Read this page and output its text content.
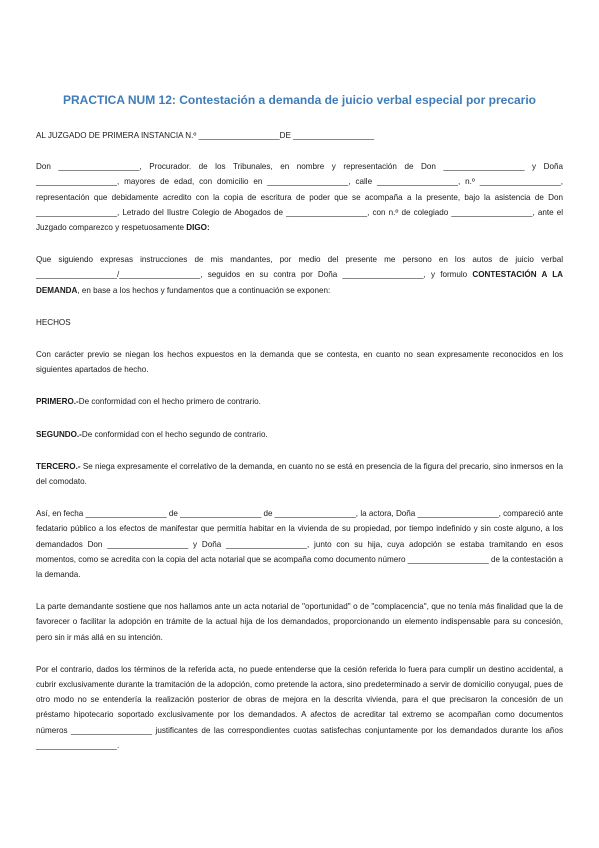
PRACTICA NUM 12: Contestación a demanda de juicio verbal especial por precario

AL JUZGADO DE PRIMERA INSTANCIA N.º __________________DE __________________

Don __________________, Procurador. de los Tribunales, en nombre y representación de Don __________________ y Doña __________________, mayores de edad, con domicilio en __________________, calle __________________, n.º __________________, representación que debidamente acredito con la copia de escritura de poder que se acompaña a la presente, bajo la asistencia de Don __________________, Letrado del Ilustre Colegio de Abogados de __________________, con n.º de colegiado __________________, ante el Juzgado comparezco y respetuosamente DIGO:

Que siguiendo expresas instrucciones de mis mandantes, por medio del presente me persono en los autos de juicio verbal __________________/__________________, seguidos en su contra por Doña __________________, y formulo CONTESTACIÓN A LA DEMANDA, en base a los hechos y fundamentos que a continuación se exponen:

HECHOS

Con carácter previo se niegan los hechos expuestos en la demanda que se contesta, en cuanto no sean expresamente reconocidos en los siguientes apartados de hecho.

PRIMERO.-De conformidad con el hecho primero de contrario.

SEGUNDO.-De conformidad con el hecho segundo de contrario.

TERCERO.- Se niega expresamente el correlativo de la demanda, en cuanto no se está en presencia de la figura del precario, sino inmersos en la del comodato.

Así, en fecha __________________ de __________________ de __________________, la actora, Doña __________________, compareció ante fedatario público a los efectos de manifestar que permitía habitar en la vivienda de su propiedad, por tiempo indefinido y sin coste alguno, a los demandados Don __________________ y Doña __________________, junto con su hija, cuya adopción se estaba tramitando en esos momentos, como se acredita con la copia del acta notarial que se acompaña como documento número __________________ de la contestación a la demanda.

La parte demandante sostiene que nos hallamos ante un acta notarial de "oportunidad" o de "complacencia", que no tenía más finalidad que la de favorecer o facilitar la adopción en trámite de la actual hija de los demandados, proporcionando un elemento indispensable para su concesión, pero sin ir más allá en su intención.

Por el contrario, dados los términos de la referida acta, no puede entenderse que la cesión referida lo fuera para cumplir un destino accidental, a cubrir exclusivamente durante la tramitación de la adopción, como pretende la actora, sino predeterminado a servir de domicilio conyugal, pues de otro modo no se entendería la realización posterior de obras de mejora en la descrita vivienda, para el que precisaron la concesión de un préstamo hipotecario soportado exclusivamente por los demandados. A afectos de acreditar tal extremo se acompañan como documentos números __________________ justificantes de las correspondientes cuotas satisfechas conjuntamente por los demandados durante los años __________________.
